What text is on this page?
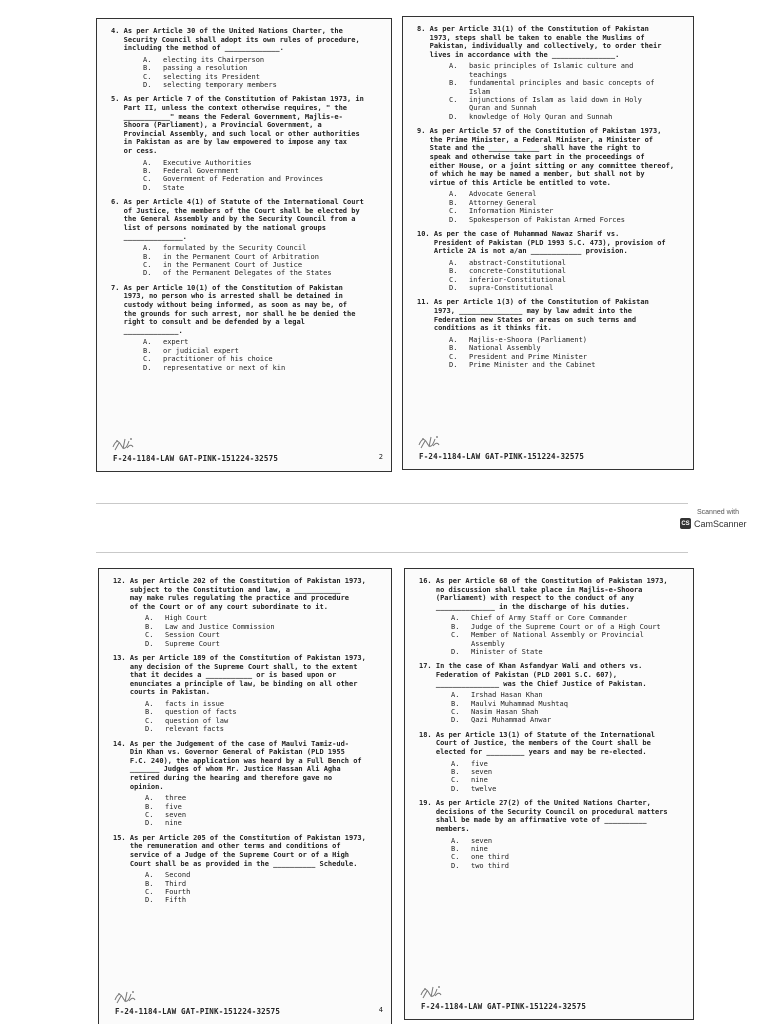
4. As per Article 30 of the United Nations Charter, the
Security Council shall adopt its own rules of procedure,
including the method of _____________.
A.	electing its Chairperson
B.	passing a resolution
C.	selecting its President
D.	selecting temporary members
5. As per Article 7 of the Constitution of Pakistan 1973, in
Part II, unless the context otherwise requires, " the
___________" means the Federal Government, Majlis-e-
Shoora (Parliament), a Provincial Government, a
Provincial Assembly, and such local or other authorities
in Pakistan as are by law empowered to impose any tax
or cess.
A.	Executive Authorities
B.	Federal Government
C.	Government of Federation and Provinces
D.	State
6. As per Article 4(1) of Statute of the International Court
of Justice, the members of the Court shall be elected by
the General Assembly and by the Security Council from a
list of persons nominated by the national groups
______________.
A.	formulated by the Security Council
B.	in the Permanent Court of Arbitration
C.	in the Permanent Court of Justice
D.	of the Permanent Delegates of the States
7. As per Article 10(1) of the Constitution of Pakistan
1973, no person who is arrested shall be detained in
custody without being informed, as soon as may be, of
the grounds for such arrest, nor shall he be denied the
right to consult and be defended by a legal
_____________.
A.	expert
B.	or judicial expert
C.	practitioner of his choice
D.	representative or next of kin
F-24-1184-LAW GAT-PINK-151224-32575	2
8. As per Article 31(1) of the Constitution of Pakistan
1973, steps shall be taken to enable the Muslims of
Pakistan, individually and collectively, to order their
lives in accordance with the _______________.
A.	basic principles of Islamic culture and
teachings
B.	fundamental principles and basic concepts of
Islam
C.	injunctions of Islam as laid down in Holy
Quran and Sunnah
D.	knowledge of Holy Quran and Sunnah
9. As per Article 57 of the Constitution of Pakistan 1973,
the Prime Minister, a Federal Minister, a Minister of
State and the ____________ shall have the right to
speak and otherwise take part in the proceedings of
either House, or a joint sitting or any committee thereof,
of which he may be named a member, but shall not by
virtue of this Article be entitled to vote.
A.	Advocate General
B.	Attorney General
C.	Information Minister
D.	Spokesperson of Pakistan Armed Forces
10. As per the case of Muhammad Nawaz Sharif vs.
President of Pakistan (PLD 1993 S.C. 473), provision of
Article 2A is not a/an ____________ provision.
A.	abstract-Constitutional
B.	concrete-Constitutional
C.	inferior-Constitutional
D.	supra-Constitutional
11. As per Article 1(3) of the Constitution of Pakistan
1973, _______________ may by law admit into the
Federation new States or areas on such terms and
conditions as it thinks fit.
A.	Majlis-e-Shoora (Parliament)
B.	National Assembly
C.	President and Prime Minister
D.	Prime Minister and the Cabinet
F-24-1184-LAW GAT-PINK-151224-32575
Scanned with
CS CamScanner
12. As per Article 202 of the Constitution of Pakistan 1973,
subject to the Constitution and law, a ___________
may make rules regulating the practice and procedure
of the Court or of any court subordinate to it.
A.	High Court
B.	Law and Justice Commission
C.	Session Court
D.	Supreme Court
13. As per Article 189 of the Constitution of Pakistan 1973,
any decision of the Supreme Court shall, to the extent
that it decides a ___________ or is based upon or
enunciates a principle of law, be binding on all other
courts in Pakistan.
A.	facts in issue
B.	question of facts
C.	question of law
D.	relevant facts
14. As per the Judgement of the case of Maulvi Tamiz-ud-
Din Khan vs. Governor General of Pakistan (PLD 1955
F.C. 240), the application was heard by a Full Bench of
_______ Judges of whom Mr. Justice Hassan Ali Agha
retired during the hearing and therefore gave no
opinion.
A.	three
B.	five
C.	seven
D.	nine
15. As per Article 205 of the Constitution of Pakistan 1973,
the remuneration and other terms and conditions of
service of a Judge of the Supreme Court or of a High
Court shall be as provided in the __________ Schedule.
A.	Second
B.	Third
C.	Fourth
D.	Fifth
F-24-1184-LAW GAT-PINK-151224-32575	4
16. As per Article 68 of the Constitution of Pakistan 1973,
no discussion shall take place in Majlis-e-Shoora
(Parliament) with respect to the conduct of any
______________ in the discharge of his duties.
A.	Chief of Army Staff or Core Commander
B.	Judge of the Supreme Court or of a High Court
C.	Member of National Assembly or Provincial
Assembly
D.	Minister of State
17. In the case of Khan Asfandyar Wali and others vs.
Federation of Pakistan (PLD 2001 S.C. 607),
_______________ was the Chief Justice of Pakistan.
A.	Irshad Hasan Khan
B.	Maulvi Muhammad Mushtaq
C.	Nasim Hasan Shah
D.	Qazi Muhammad Anwar
18. As per Article 13(1) of Statute of the International
Court of Justice, the members of the Court shall be
elected for _________ years and may be re-elected.
A.	five
B.	seven
C.	nine
D.	twelve
19. As per Article 27(2) of the United Nations Charter,
decisions of the Security Council on procedural matters
shall be made by an affirmative vote of __________
members.
A.	seven
B.	nine
C.	one third
D.	two third
F-24-1184-LAW GAT-PINK-151224-32575
